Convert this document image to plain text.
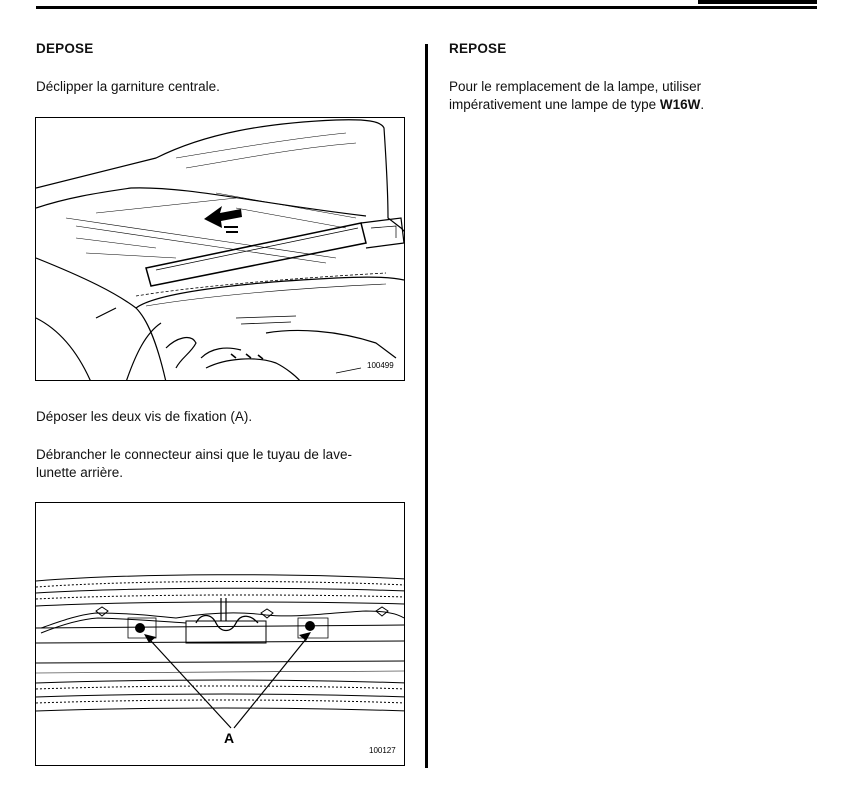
DEPOSE
Déclipper la garniture centrale.
100499
Déposer les deux vis de fixation (A).
Débrancher le connecteur ainsi que le tuyau de lave-
lunette arrière.
A
100127
REPOSE
Pour le remplacement de la lampe, utiliser
impérativement une lampe de type W16W.
